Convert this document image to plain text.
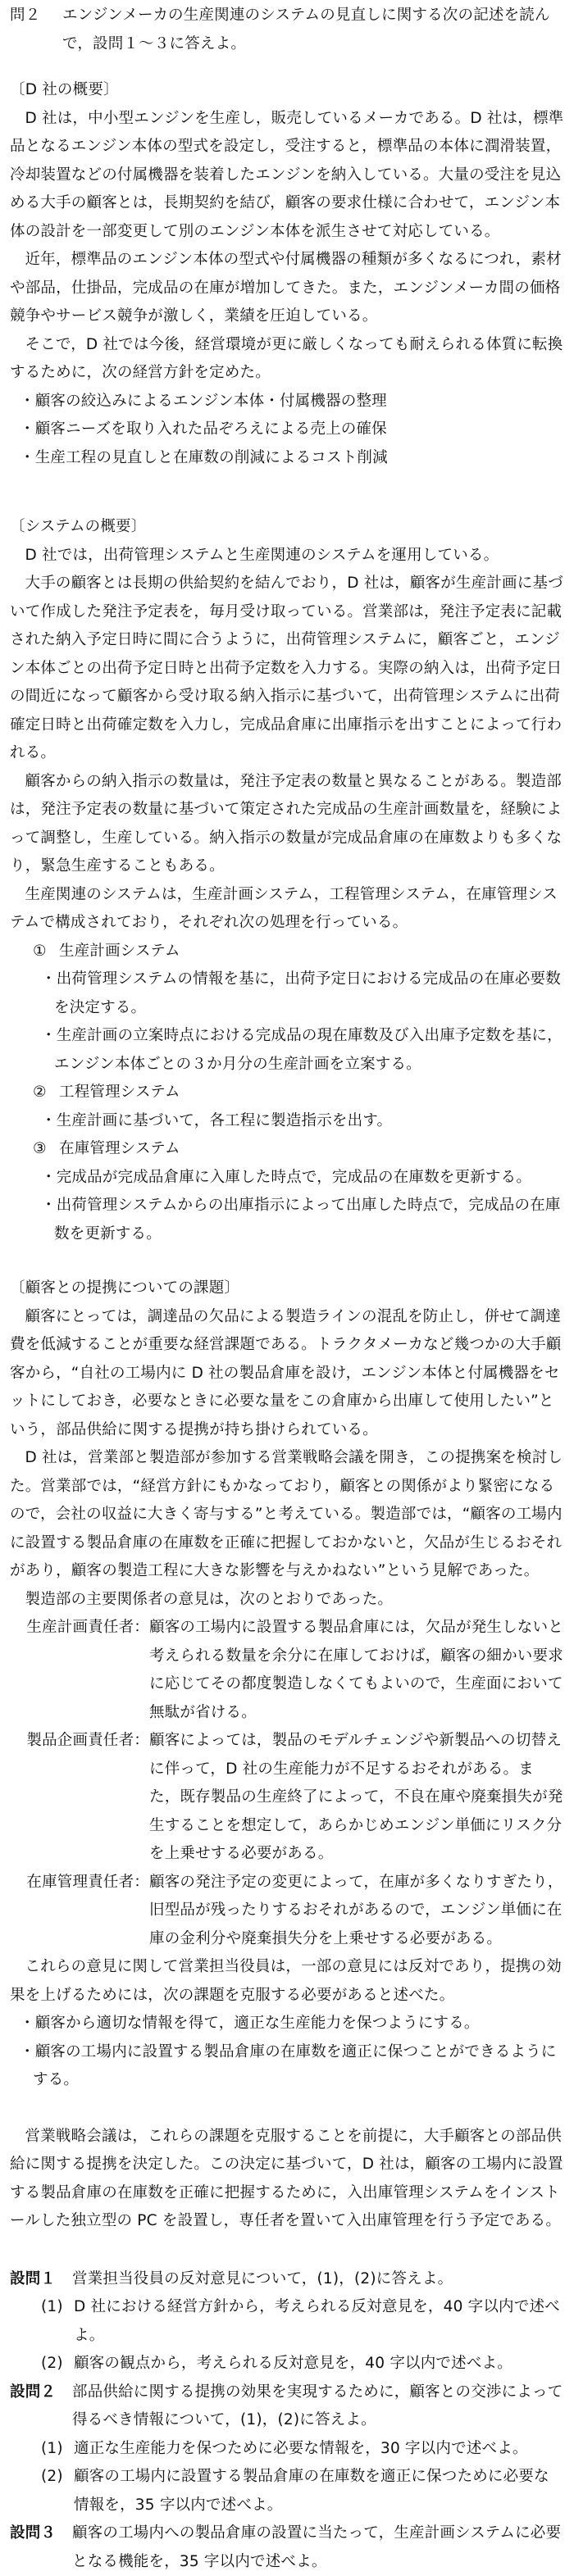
問２ エンジンメーカの生産関連のシステムの見直しに関する次の記述を読んで，設問１～３に答えよ。

〔D 社の概要〕

D 社は，中小型エンジンを生産し，販売しているメーカである。D 社は，標準品となるエンジン本体の型式を設定し，受注すると，標準品の本体に潤滑装置，冷却装置などの付属機器を装着したエンジンを納入している。大量の受注を見込める大手の顧客とは，長期契約を結び，顧客の要求仕様に合わせて，エンジン本体の設計を一部変更して別のエンジン本体を派生させて対応している。

近年，標準品のエンジン本体の型式や付属機器の種類が多くなるにつれ，素材や部品，仕掛品，完成品の在庫が増加してきた。また，エンジンメーカ間の価格競争やサービス競争が激しく，業績を圧迫している。

そこで，D 社では今後，経営環境が更に厳しくなっても耐えられる体質に転換するために，次の経営方針を定めた。

・顧客の絞込みによるエンジン本体・付属機器の整理

・顧客ニーズを取り入れた品ぞろえによる売上の確保

・生産工程の見直しと在庫数の削減によるコスト削減

〔システムの概要〕

D 社では，出荷管理システムと生産関連のシステムを運用している。

大手の顧客とは長期の供給契約を結んでおり，D 社は，顧客が生産計画に基づいて作成した発注予定表を，毎月受け取っている。営業部は，発注予定表に記載された納入予定日時に間に合うように，出荷管理システムに，顧客ごと，エンジン本体ごとの出荷予定日時と出荷予定数を入力する。実際の納入は，出荷予定日の間近になって顧客から受け取る納入指示に基づいて，出荷管理システムに出荷確定日時と出荷確定数を入力し，完成品倉庫に出庫指示を出すことによって行われる。

顧客からの納入指示の数量は，発注予定表の数量と異なることがある。製造部は，発注予定表の数量に基づいて策定された完成品の生産計画数量を，経験によって調整し，生産している。納入指示の数量が完成品倉庫の在庫数よりも多くなり，緊急生産することもある。

生産関連のシステムは，生産計画システム，工程管理システム，在庫管理システムで構成されており，それぞれ次の処理を行っている。

① 生産計画システム

・出荷管理システムの情報を基に，出荷予定日における完成品の在庫必要数を決定する。

・生産計画の立案時点における完成品の現在庫数及び入出庫予定数を基に，エンジン本体ごとの３か月分の生産計画を立案する。

② 工程管理システム

・生産計画に基づいて，各工程に製造指示を出す。

③ 在庫管理システム

・完成品が完成品倉庫に入庫した時点で，完成品の在庫数を更新する。

・出荷管理システムからの出庫指示によって出庫した時点で，完成品の在庫数を更新する。

〔顧客との提携についての課題〕

顧客にとっては，調達品の欠品による製造ラインの混乱を防止し，併せて調達費を低減することが重要な経営課題である。トラクタメーカなど幾つかの大手顧客から，“自社の工場内に D 社の製品倉庫を設け，エンジン本体と付属機器をセットにしておき，必要なときに必要な量をこの倉庫から出庫して使用したい”という，部品供給に関する提携が持ち掛けられている。

D 社は，営業部と製造部が参加する営業戦略会議を開き，この提携案を検討した。営業部では，“経営方針にもかなっており，顧客との関係がより緊密になるので，会社の収益に大きく寄与する”と考えている。製造部では，“顧客の工場内に設置する製品倉庫の在庫数を正確に把握しておかないと，欠品が生じるおそれがあり，顧客の製造工程に大きな影響を与えかねない”という見解であった。

製造部の主要関係者の意見は，次のとおりであった。

生産計画責任者： 顧客の工場内に設置する製品倉庫には，欠品が発生しないと考えられる数量を余分に在庫しておけば，顧客の細かい要求に応じてその都度製造しなくてもよいので，生産面において無駄が省ける。
製品企画責任者： 顧客によっては，製品のモデルチェンジや新製品への切替えに伴って，D 社の生産能力が不足するおそれがある。また，既存製品の生産終了によって，不良在庫や廃棄損失が発生することを想定して，あらかじめエンジン単価にリスク分を上乗せする必要がある。
在庫管理責任者： 顧客の発注予定の変更によって，在庫が多くなりすぎたり，旧型品が残ったりするおそれがあるので，エンジン単価に在庫の金利分や廃棄損失分を上乗せする必要がある。

これらの意見に関して営業担当役員は，一部の意見には反対であり，提携の効果を上げるためには，次の課題を克服する必要があると述べた。

・顧客から適切な情報を得て，適正な生産能力を保つようにする。

・顧客の工場内に設置する製品倉庫の在庫数を適正に保つことができるようにする。

営業戦略会議は，これらの課題を克服することを前提に，大手顧客との部品供給に関する提携を決定した。この決定に基づいて，D 社は，顧客の工場内に設置する製品倉庫の在庫数を正確に把握するために，入出庫管理システムをインストールした独立型の PC を設置し，専任者を置いて入出庫管理を行う予定である。

設問１	営業担当役員の反対意見について，(1)，(2)に答えよ。
(1) D 社における経営方針から，考えられる反対意見を，40 字以内で述べよ。
(2) 顧客の観点から，考えられる反対意見を，40 字以内で述べよ。
設問２	部品供給に関する提携の効果を実現するために，顧客との交渉によって得るべき情報について，(1)，(2)に答えよ。
(1) 適正な生産能力を保つために必要な情報を，30 字以内で述べよ。
(2) 顧客の工場内に設置する製品倉庫の在庫数を適正に保つために必要な情報を，35 字以内で述べよ。
設問３	顧客の工場内への製品倉庫の設置に当たって，生産計画システムに必要となる機能を，35 字以内で述べよ。
